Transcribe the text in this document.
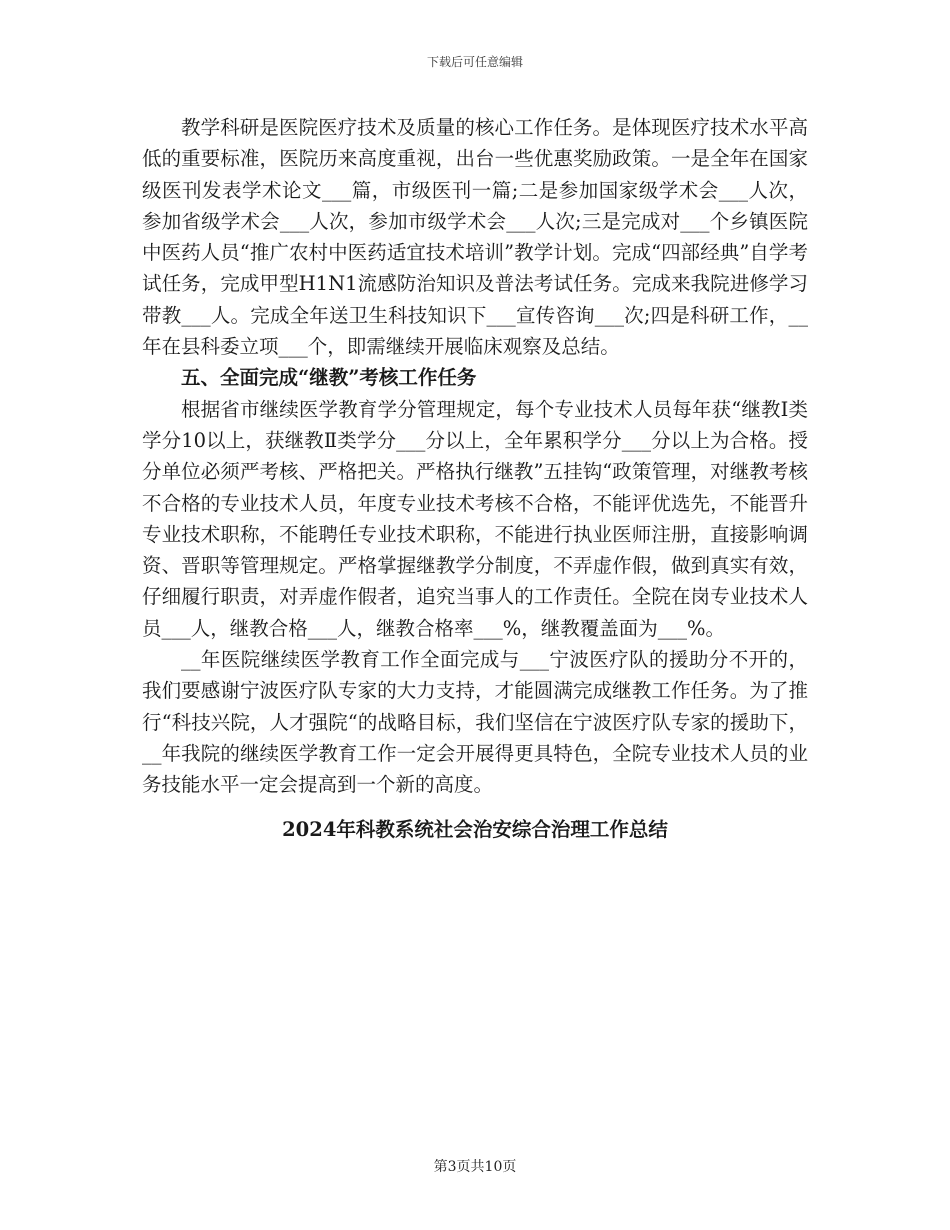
下载后可任意编辑

教学科研是医院医疗技术及质量的核心工作任务。是体现医疗技术水平高低的重要标准，医院历来高度重视，出台一些优惠奖励政策。一是全年在国家级医刊发表学术论文___篇，市级医刊一篇;二是参加国家级学术会___人次，参加省级学术会___人次，参加市级学术会___人次;三是完成对___个乡镇医院中医药人员“推广农村中医药适宜技术培训”教学计划。完成“四部经典”自学考试任务，完成甲型H1N1流感防治知识及普法考试任务。完成来我院进修学习带教___人。完成全年送卫生科技知识下___宣传咨询___次;四是科研工作，__年在县科委立项___个，即需继续开展临床观察及总结。

五、全面完成“继教”考核工作任务

根据省市继续医学教育学分管理规定，每个专业技术人员每年获“继教Ⅰ类学分10以上，获继教Ⅱ类学分___分以上，全年累积学分___分以上为合格。授分单位必须严考核、严格把关。严格执行继教”五挂钩“政策管理，对继教考核不合格的专业技术人员，年度专业技术考核不合格，不能评优选先，不能晋升专业技术职称，不能聘任专业技术职称，不能进行执业医师注册，直接影响调资、晋职等管理规定。严格掌握继教学分制度，不弄虚作假，做到真实有效，仔细履行职责，对弄虚作假者，追究当事人的工作责任。全院在岗专业技术人员___人，继教合格___人，继教合格率___%，继教覆盖面为___%。

__年医院继续医学教育工作全面完成与___宁波医疗队的援助分不开的，我们要感谢宁波医疗队专家的大力支持，才能圆满完成继教工作任务。为了推行“科技兴院，人才强院“的战略目标，我们坚信在宁波医疗队专家的援助下，__年我院的继续医学教育工作一定会开展得更具特色，全院专业技术人员的业务技能水平一定会提高到一个新的高度。

2024年科教系统社会治安综合治理工作总结

第3页共10页
